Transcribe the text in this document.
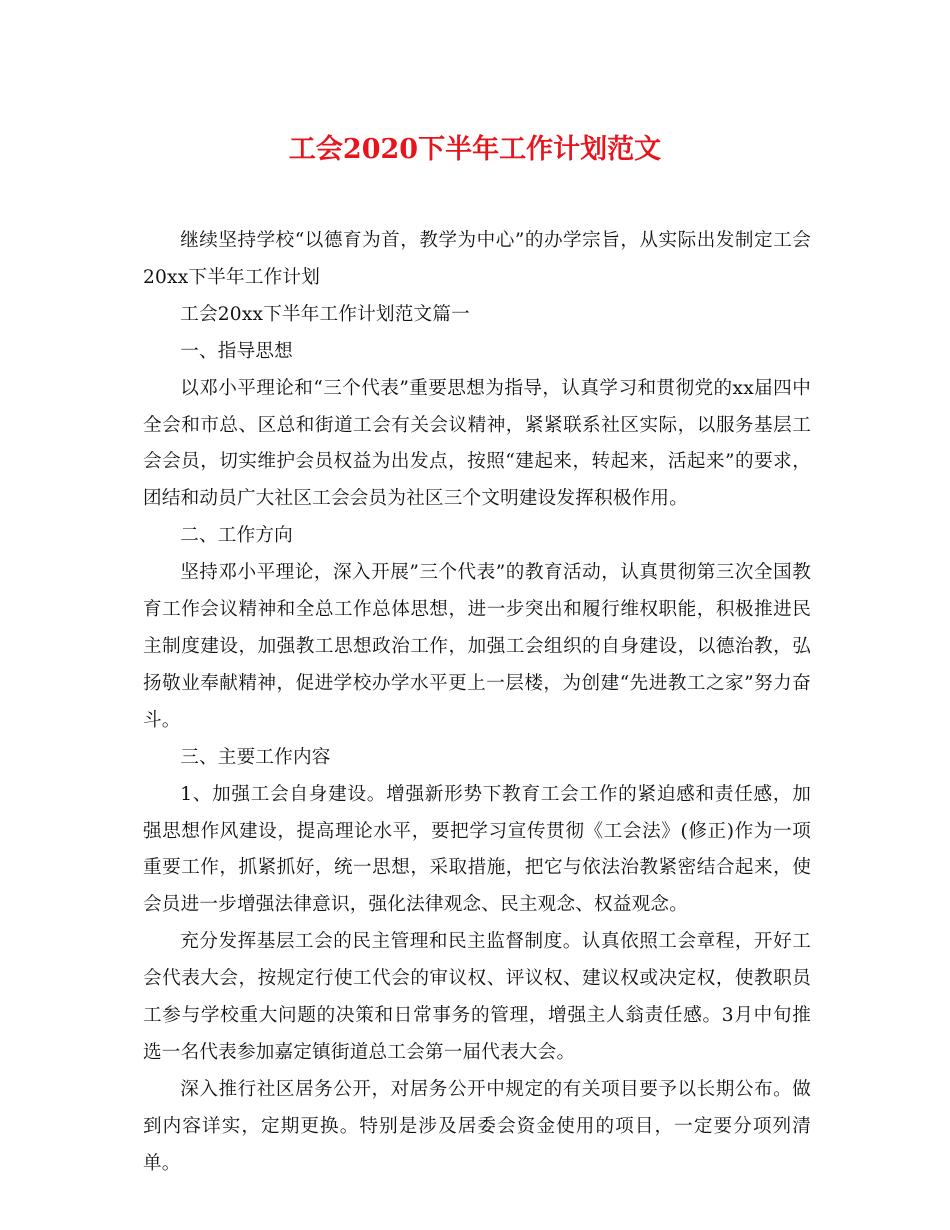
工会2020下半年工作计划范文

继续坚持学校“以德育为首，教学为中心”的办学宗旨，从实际出发制定工会20xx下半年工作计划

工会20xx下半年工作计划范文篇一

一、指导思想

以邓小平理论和“三个代表”重要思想为指导，认真学习和贯彻党的xx届四中全会和市总、区总和街道工会有关会议精神，紧紧联系社区实际，以服务基层工会会员，切实维护会员权益为出发点，按照“建起来，转起来，活起来”的要求，团结和动员广大社区工会会员为社区三个文明建设发挥积极作用。

二、工作方向

坚持邓小平理论，深入开展”三个代表”的教育活动，认真贯彻第三次全国教育工作会议精神和全总工作总体思想，进一步突出和履行维权职能，积极推进民主制度建设，加强教工思想政治工作，加强工会组织的自身建设，以德治教，弘扬敬业奉献精神，促进学校办学水平更上一层楼，为创建“先进教工之家”努力奋斗。

三、主要工作内容

1、加强工会自身建设。增强新形势下教育工会工作的紧迫感和责任感，加强思想作风建设，提高理论水平，要把学习宣传贯彻《工会法》(修正)作为一项重要工作，抓紧抓好，统一思想，采取措施，把它与依法治教紧密结合起来，使会员进一步增强法律意识，强化法律观念、民主观念、权益观念。

充分发挥基层工会的民主管理和民主监督制度。认真依照工会章程，开好工会代表大会，按规定行使工代会的审议权、评议权、建议权或决定权，使教职员工参与学校重大问题的决策和日常事务的管理，增强主人翁责任感。3月中旬推选一名代表参加嘉定镇街道总工会第一届代表大会。

深入推行社区居务公开，对居务公开中规定的有关项目要予以长期公布。做到内容详实，定期更换。特别是涉及居委会资金使用的项目，一定要分项列清单。
